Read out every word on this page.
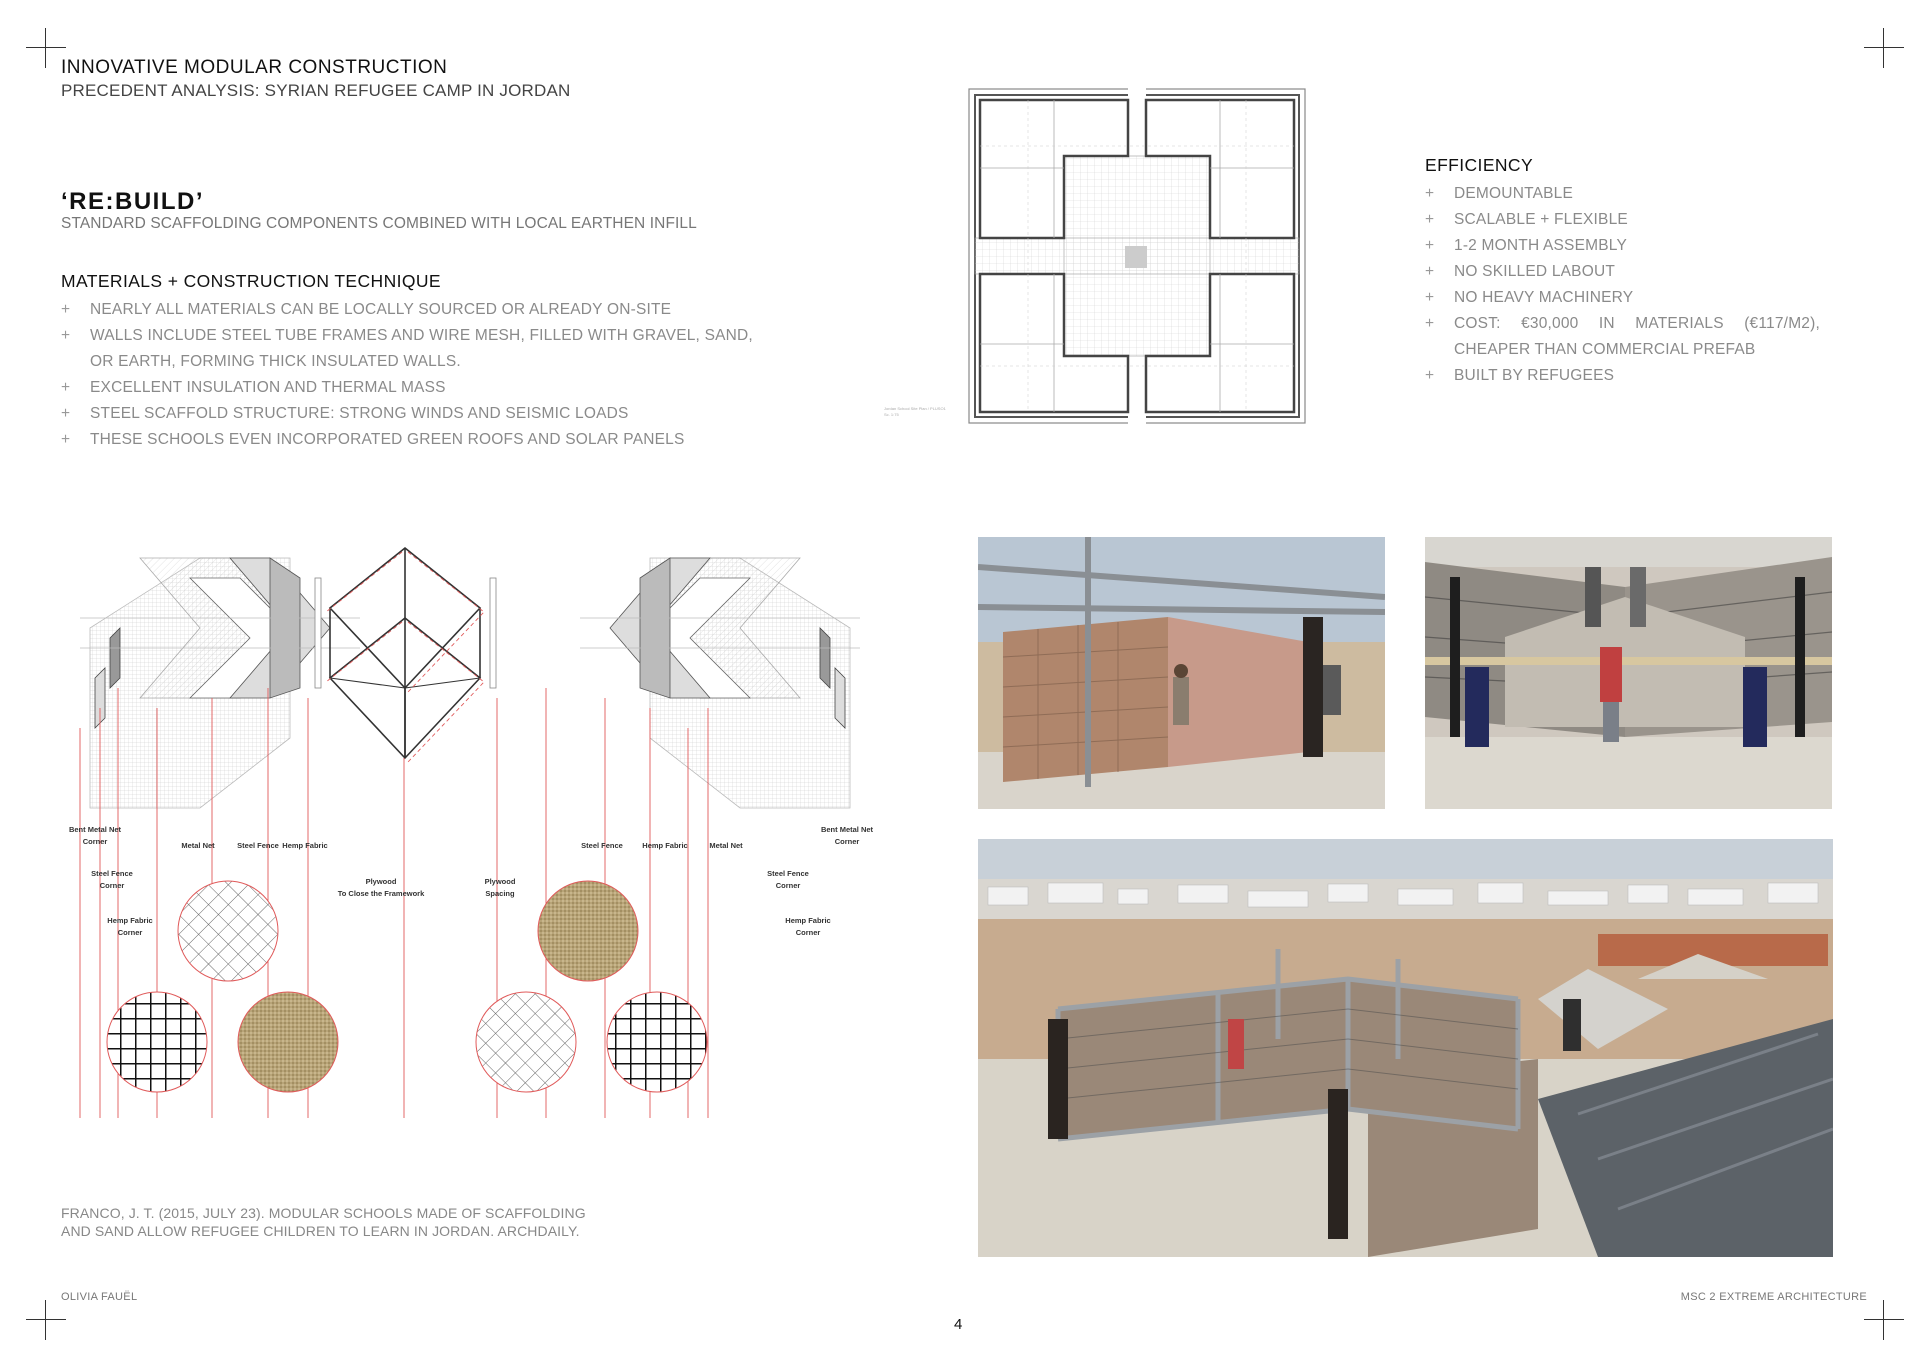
INNOVATIVE MODULAR CONSTRUCTION
PRECEDENT ANALYSIS: SYRIAN REFUGEE CAMP IN JORDAN
‘RE:BUILD’
STANDARD SCAFFOLDING COMPONENTS COMBINED WITH LOCAL EARTHEN INFILL
MATERIALS + CONSTRUCTION TECHNIQUE
+ NEARLY ALL MATERIALS CAN BE LOCALLY SOURCED OR ALREADY ON-SITE
+ WALLS INCLUDE STEEL TUBE FRAMES AND WIRE MESH, FILLED WITH GRAVEL, SAND, OR EARTH, FORMING THICK INSULATED WALLS.
+ EXCELLENT INSULATION AND THERMAL MASS
+ STEEL SCAFFOLD STRUCTURE: STRONG WINDS AND SEISMIC LOADS
+ THESE SCHOOLS EVEN INCORPORATED GREEN ROOFS AND SOLAR PANELS
EFFICIENCY
+ DEMOUNTABLE
+ SCALABLE + FLEXIBLE
+ 1-2 MONTH ASSEMBLY
+ NO SKILLED LABOUT
+ NO HEAVY MACHINERY
+ COST: €30,000 IN MATERIALS (€117/M2), CHEAPER THAN COMMERCIAL PREFAB
+ BUILT BY REFUGEES
Jordan School Site Plan / PLUSO1
Sc. 1:75
Bent Metal Net
Corner
Steel Fence
Corner
Hemp Fabric
Corner
Metal Net	Steel Fence Hemp Fabric
Plywood
To Close the Framework
Plywood
Spacing
Steel Fence	Hemp Fabric	Metal Net
Bent Metal Net
Corner
Steel Fence
Corner
Hemp Fabric
Corner
FRANCO, J. T. (2015, JULY 23). MODULAR SCHOOLS MADE OF SCAFFOLDING
AND SAND ALLOW REFUGEE CHILDREN TO LEARN IN JORDAN. ARCHDAILY.
OLIVIA FAUËL	MSC 2 EXTREME ARCHITECTURE
4
